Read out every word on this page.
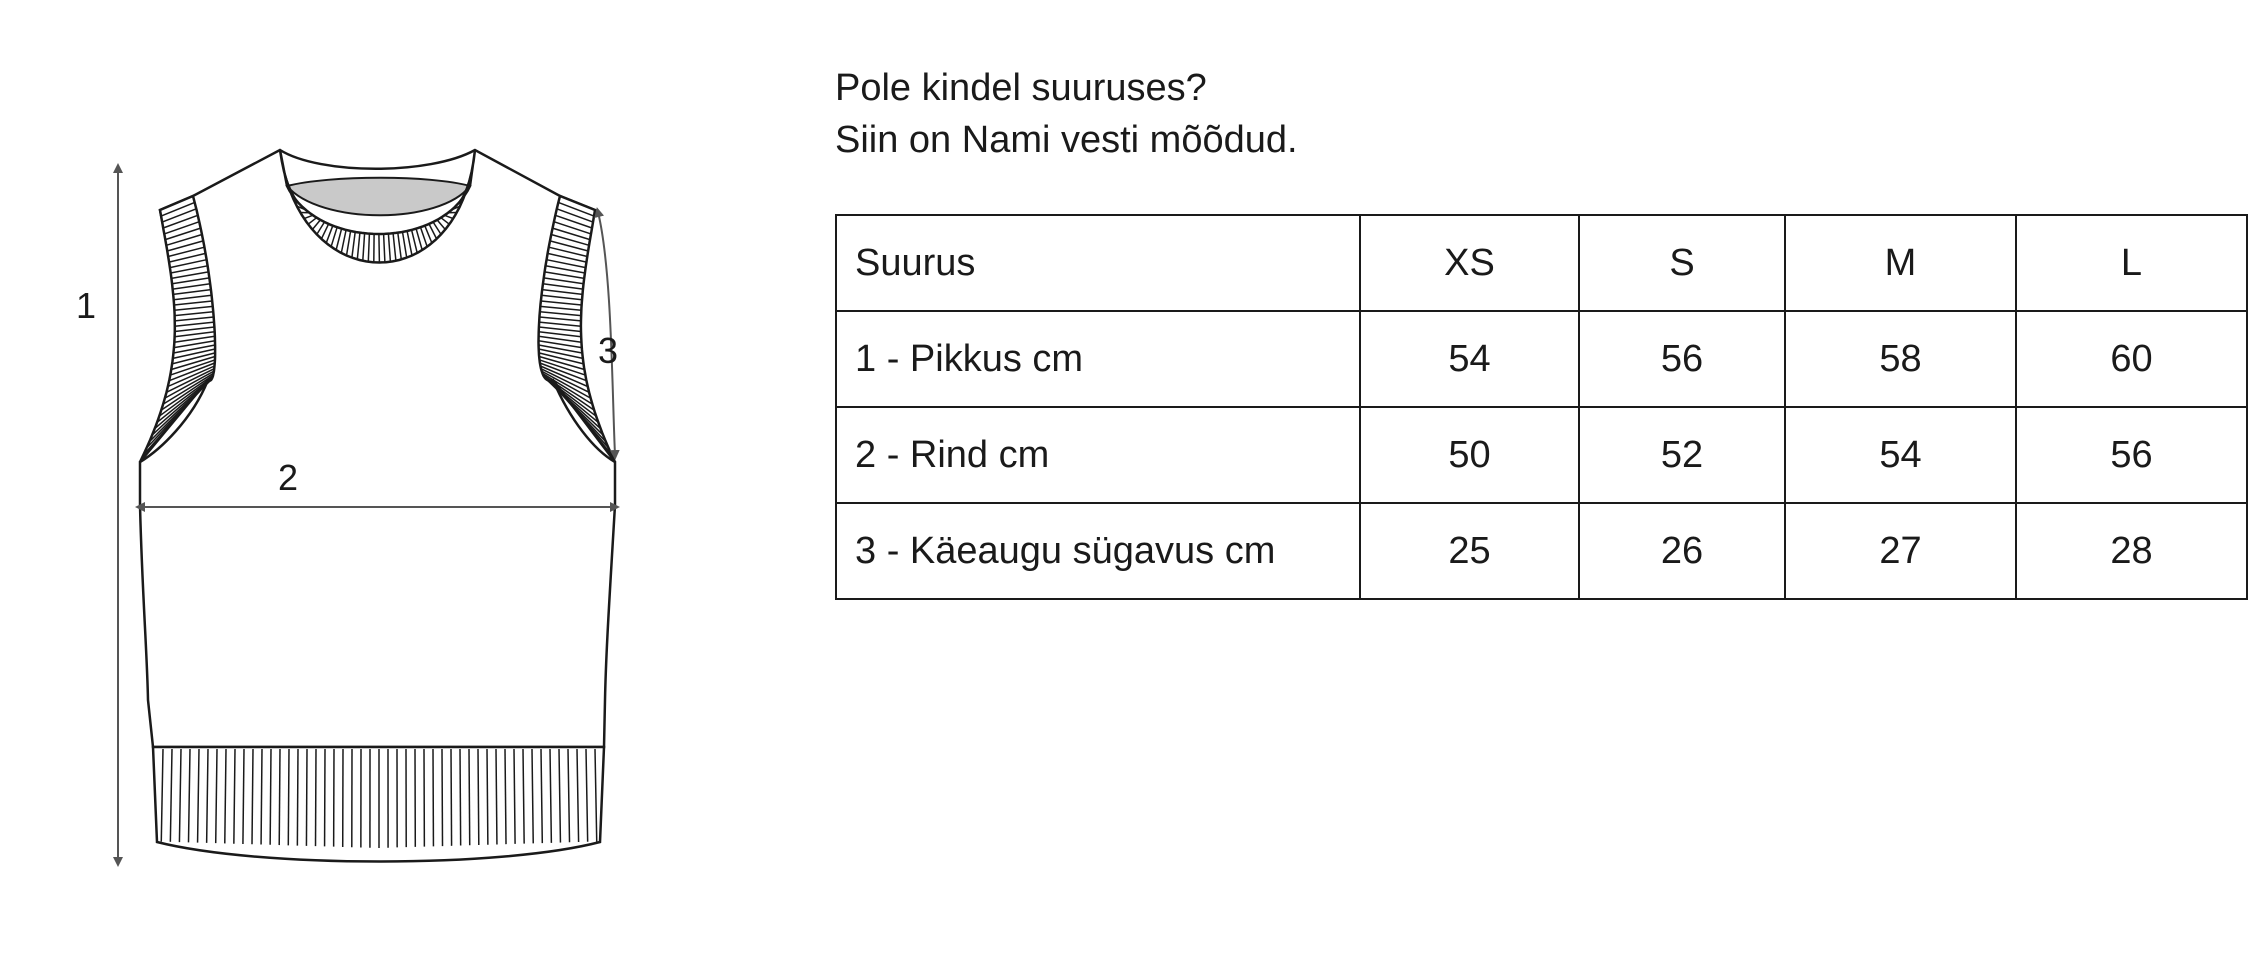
1
2
3
Pole kindel suuruses?
Siin on Nami vesti mõõdud.
Suurus	XS	S	M	L
1 - Pikkus cm	54	56	58	60
2 - Rind cm	50	52	54	56
3 - Käeaugu sügavus cm	25	26	27	28
